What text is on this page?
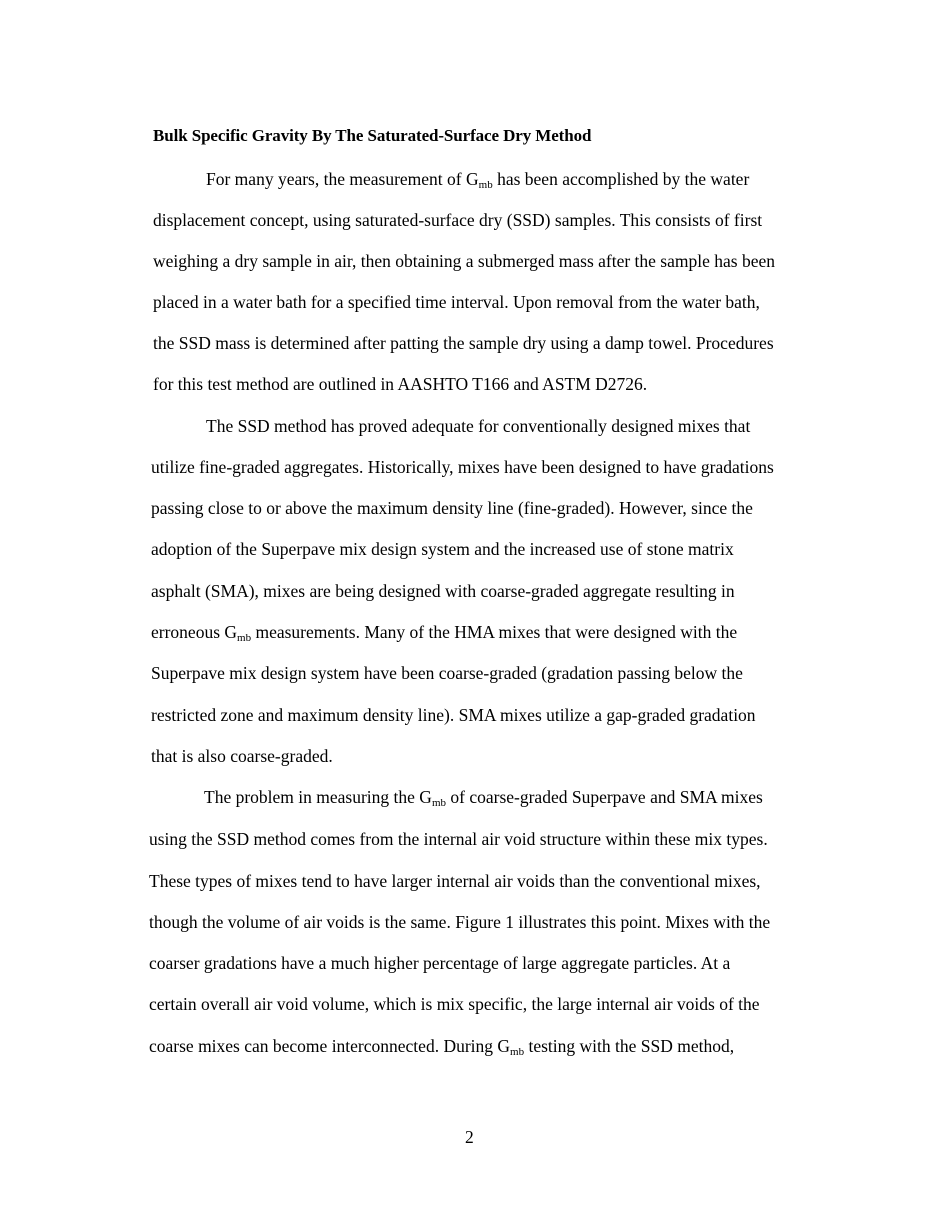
Bulk Specific Gravity By The Saturated-Surface Dry Method
For many years, the measurement of $G_{mb}$ has been accomplished by the water
displacement concept, using saturated-surface dry (SSD) samples. This consists of first
weighing a dry sample in air, then obtaining a submerged mass after the sample has been
placed in a water bath for a specified time interval. Upon removal from the water bath,
the SSD mass is determined after patting the sample dry using a damp towel. Procedures
for this test method are outlined in AASHTO T166 and ASTM D2726.
The SSD method has proved adequate for conventionally designed mixes that
utilize fine-graded aggregates. Historically, mixes have been designed to have gradations
passing close to or above the maximum density line (fine-graded). However, since the
adoption of the Superpave mix design system and the increased use of stone matrix
asphalt (SMA), mixes are being designed with coarse-graded aggregate resulting in
erroneous $G_{mb}$ measurements. Many of the HMA mixes that were designed with the
Superpave mix design system have been coarse-graded (gradation passing below the
restricted zone and maximum density line). SMA mixes utilize a gap-graded gradation
that is also coarse-graded.
The problem in measuring the $G_{mb}$ of coarse-graded Superpave and SMA mixes
using the SSD method comes from the internal air void structure within these mix types.
These types of mixes tend to have larger internal air voids than the conventional mixes,
though the volume of air voids is the same. Figure 1 illustrates this point. Mixes with the
coarser gradations have a much higher percentage of large aggregate particles. At a
certain overall air void volume, which is mix specific, the large internal air voids of the
coarse mixes can become interconnected. During $G_{mb}$ testing with the SSD method,
2
